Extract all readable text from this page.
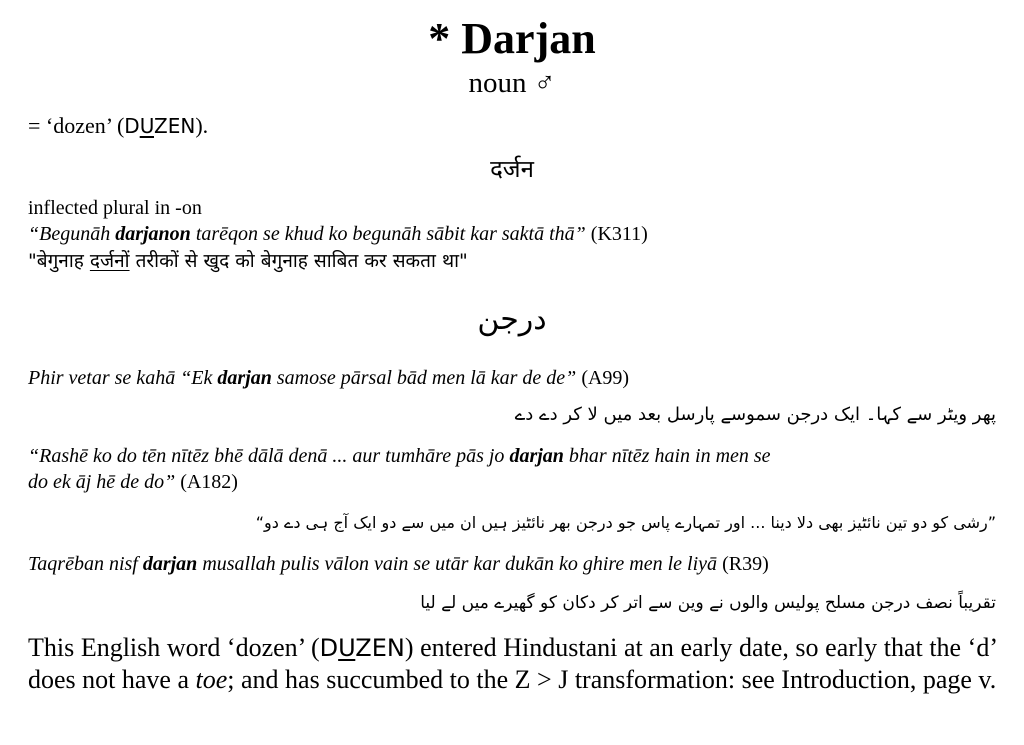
* Darjan
noun ♂
= ‘dozen’ (DUZEN).
दर्जन
inflected plural in -on
“Begunāh darjanon tarēqon se khud ko begunāh sābit kar saktā thā” (K311)
"बेगुनाह दर्जनों तरीकों से खुद को बेगुनाह साबित कर सकता था"
درجن
Phir vetar se kahā “Ek darjan samose pārsal bād men lā kar de de” (A99)
پھر ویٹر سے کہا۔ ایک درجن سموسے پارسل بعد میں لا کر دے دے
“Rashē ko do tēn nītēz bhē dālā denā ... aur tumhāre pās jo darjan bhar nītēz hain in men se
do ek āj hē de do” (A182)
”رشی کو دو تین نائٹیز بھی دلا دینا ... اور تمہارے پاس جو درجن بھر نائٹیز ہیں ان میں سے دو ایک آج ہی دے دو“
Taqrēban nisf darjan musallah pulis vālon vain se utār kar dukān ko ghire men le liyā (R39)
تقریباً نصف درجن مسلح پولیس والوں نے وین سے اتر کر دکان کو گھیرے میں لے لیا
This English word ‘dozen’ (DUZEN) entered Hindustani at an early date, so early that the ‘d’ does not have a toe; and has succumbed to the Z > J transformation: see Introduction, page v.
